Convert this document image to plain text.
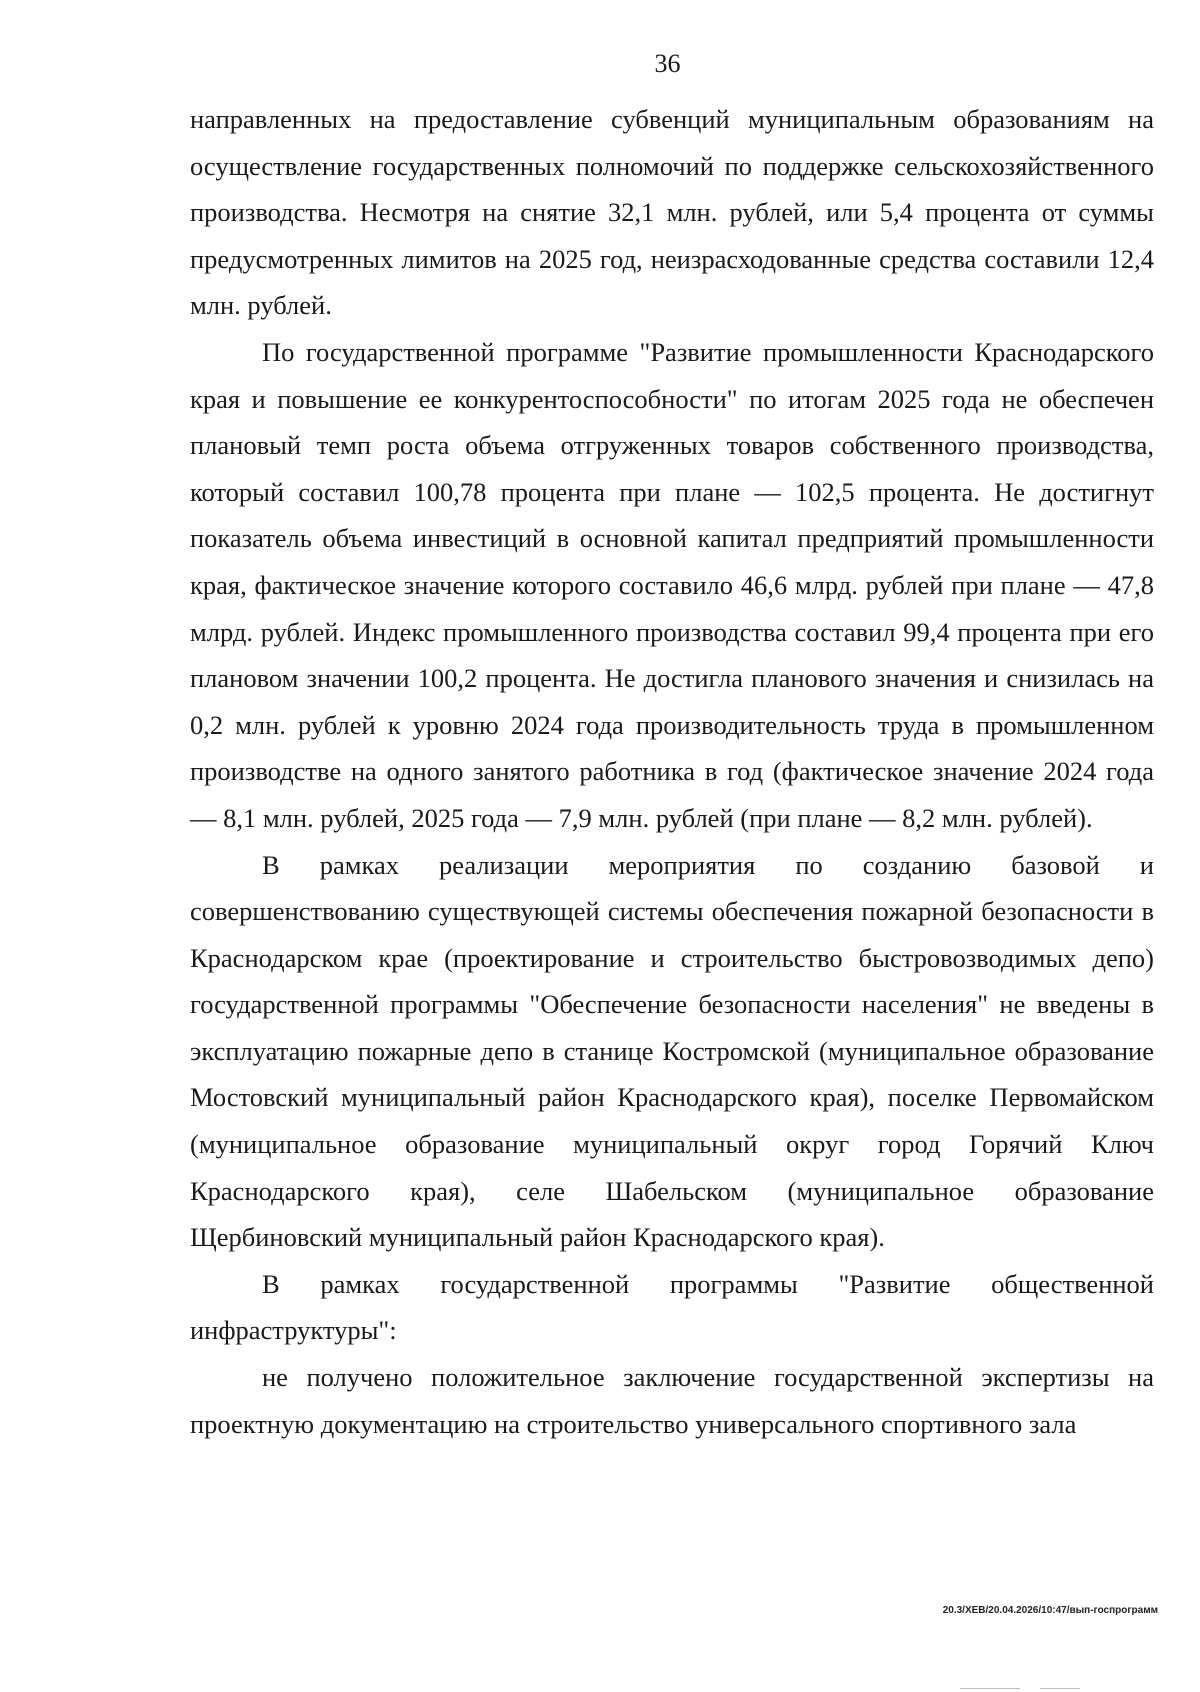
36

направленных на предоставление субвенций муниципальным образованиям на осуществление государственных полномочий по поддержке сельскохозяйственного производства. Несмотря на снятие 32,1 млн. рублей, или 5,4 процента от суммы предусмотренных лимитов на 2025 год, неизрасходованные средства составили 12,4 млн. рублей.

По государственной программе "Развитие промышленности Краснодарского края и повышение ее конкурентоспособности" по итогам 2025 года не обеспечен плановый темп роста объема отгруженных товаров собственного производства, который составил 100,78 процента при плане — 102,5 процента. Не достигнут показатель объема инвестиций в основной капитал предприятий промышленности края, фактическое значение которого составило 46,6 млрд. рублей при плане — 47,8 млрд. рублей. Индекс промышленного производства составил 99,4 процента при его плановом значении 100,2 процента. Не достигла планового значения и снизилась на 0,2 млн. рублей к уровню 2024 года производительность труда в промышленном производстве на одного занятого работника в год (фактическое значение 2024 года — 8,1 млн. рублей, 2025 года — 7,9 млн. рублей (при плане — 8,2 млн. рублей).

В рамках реализации мероприятия по созданию базовой и совершенствованию существующей системы обеспечения пожарной безопасности в Краснодарском крае (проектирование и строительство быстровозводимых депо) государственной программы "Обеспечение безопасности населения" не введены в эксплуатацию пожарные депо в станице Костромской (муниципальное образование Мостовский муниципальный район Краснодарского края), поселке Первомайском (муниципальное образование муниципальный округ город Горячий Ключ Краснодарского края), селе Шабельском (муниципальное образование Щербиновский муниципальный район Краснодарского края).

В рамках государственной программы "Развитие общественной инфраструктуры":

не получено положительное заключение государственной экспертизы на проектную документацию на строительство универсального спортивного зала

20.3/ХЕВ/20.04.2026/10:47/вып-госпрограмм
